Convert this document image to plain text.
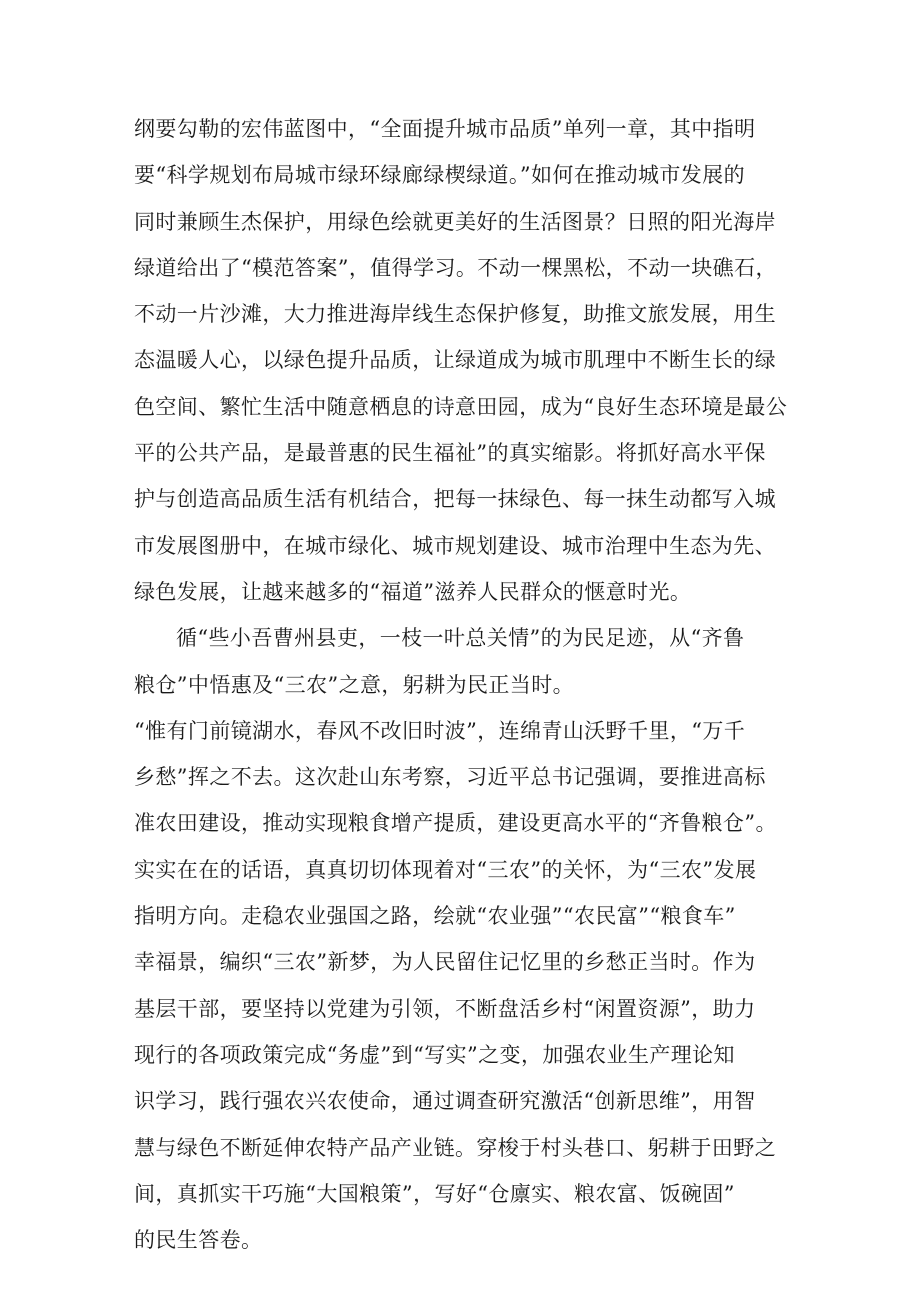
纲要勾勒的宏伟蓝图中，“全面提升城市品质”单列一章，其中指明
要“科学规划布局城市绿环绿廊绿楔绿道。”如何在推动城市发展的
同时兼顾生杰保护，用绿色绘就更美好的生活图景？日照的阳光海岸
绿道给出了“模范答案”，值得学习。不动一棵黑松，不动一块礁石，
不动一片沙滩，大力推进海岸线生态保护修复，助推文旅发展，用生
态温暖人心，以绿色提升品质，让绿道成为城市肌理中不断生长的绿
色空间、繁忙生活中随意栖息的诗意田园，成为“良好生态环境是最公
平的公共产品，是最普惠的民生福祉”的真实缩影。将抓好高水平保
护与创造高品质生活有机结合，把每一抹绿色、每一抹生动都写入城
市发展图册中，在城市绿化、城市规划建设、城市治理中生态为先、
绿色发展，让越来越多的“福道”滋养人民群众的惬意时光。
循“些小吾曹州县吏，一枝一叶总关情”的为民足迹，从“齐鲁
粮仓”中悟惠及“三农”之意，躬耕为民正当时。
“惟有门前镜湖水，春风不改旧时波”，连绵青山沃野千里，“万千
乡愁”挥之不去。这次赴山东考察，习近平总书记强调，要推进高标
准农田建设，推动实现粮食增产提质，建设更高水平的“齐鲁粮仓”。
实实在在的话语，真真切切体现着对“三农”的关怀，为“三农”发展
指明方向。走稳农业强国之路，绘就“农业强”“农民富”“粮食车”
幸福景，编织“三农”新梦，为人民留住记忆里的乡愁正当时。作为
基层干部，要坚持以党建为引领，不断盘活乡村“闲置资源”，助力
现行的各项政策完成“务虚”到“写实”之变，加强农业生产理论知
识学习，践行强农兴农使命，通过调查研究激活“创新思维”，用智
慧与绿色不断延伸农特产品产业链。穿梭于村头巷口、躬耕于田野之
间，真抓实干巧施“大国粮策”，写好“仓廪实、粮农富、饭碗固”
的民生答卷。
